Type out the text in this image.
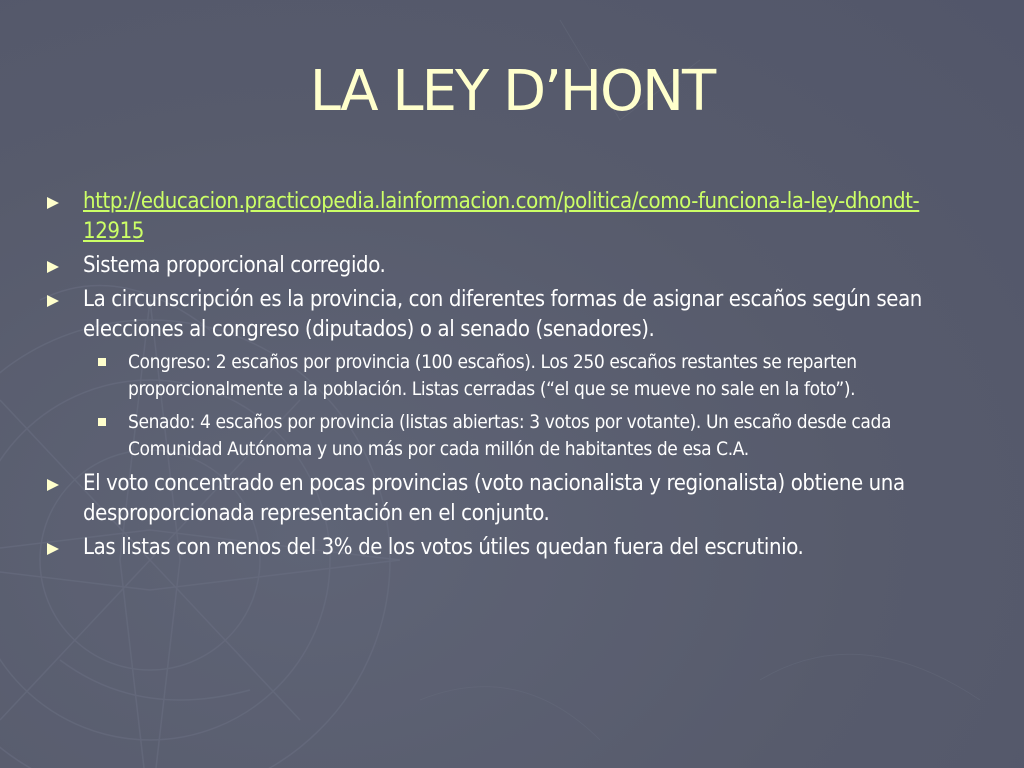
LA LEY D’HONT
http://educacion.practicopedia.lainformacion.com/politica/como-funciona-la-ley-dhondt-12915
Sistema proporcional corregido.
La circunscripción es la provincia, con diferentes formas de asignar escaños según sean elecciones al congreso (diputados) o al senado (senadores).
Congreso: 2 escaños por provincia (100 escaños). Los 250 escaños restantes se reparten proporcionalmente a la población. Listas cerradas (“el que se mueve no sale en la foto”).
Senado: 4 escaños por provincia (listas abiertas: 3 votos por votante). Un escaño desde cada Comunidad Autónoma y uno más por cada millón de habitantes de esa C.A.
El voto concentrado en pocas provincias (voto nacionalista y regionalista) obtiene una desproporcionada representación en el conjunto.
Las listas con menos del 3% de los votos útiles quedan fuera del escrutinio.
